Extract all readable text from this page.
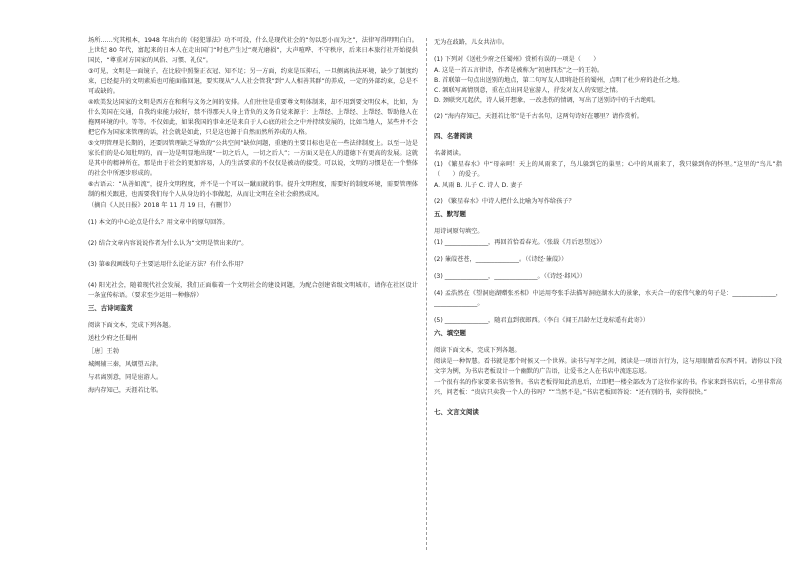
场所……究其根本，1948 年出台的《轻犯罪法》功不可没，什么是现代社会的“勿以恶小而为之”，法律写得明明白白。上世纪 80 年代，富起来的日本人在走出国门“时也产生过“观光磨损”，大声喧哗、不守秩序，后来日本旅行社开始提供国民，“尊重对方国家的风俗、习惯、礼仪”。

③可见，文明是一面镜子，在比较中照鉴正衣冠、知不足；另一方面，约束是压抑石，一旦侧离执法环境，缺少了制度约束，已经提升的文明素质也可能面临回退，要实现从“人人社会管我”到“人人相善其群”的养成，一定的外部约束，总是不可或缺的。

④欧美发达国家的文明是西方在和利与义务之间的安排。人们往往是重要尊文明体制来，却不用到要文明仪本，比如，为什么美国在交通，自我约束能力较好，禁不得那天人身上背负的义务自觉来源于：上帮经、上帮经、上帮经、帮助他人在拖网环境的中。等等。不仅如此，如果我国的事业还是来自于人心底的社会之中并持续发展的，比如当地人，某些并不会把它作为国家来管理的话，社会就是如此，只是这也源于自然而然所养成的人格。

⑤文明管理是长期的，还要因管理缺乏导致的“公共空间”缺位问题，重建的主要目标也是在一些法律制度上。以至一边是家长们的是心知肚明的，而一边是明显地出现“一切之后人，一切之后人”；一方面又是在人的道德下有更高的发展。这就是其中的精神所在，那是由于社会的更加容易，人的生活要求的不仅仅是被动的接受。可以说，文明的习惯是在一个整体的社会中所逐步形成的。

⑥古语云：“从善如流”，提升文明程度，并不是一个可以一蹴而就的事。提升文明程度，需要好的制度环境，需要管理体制的相关跟进，也需要我们每个人从身边的小事做起，从而让文明在全社会蔚然成风。

（摘自《人民日报》2018 年 11 月 19 日，有删节）

(1) 本文的中心论点是什么？用文章中的原句回答。

(2) 结合文章内容说说作者为什么认为“文明是管出来的”。

(3) 第⑥段画线句子主要运用什么论证方法？有什么作用？

(4) 阳光社会，随着现代社会发展，我们正面临着一个文明社会的建设问题，为配合创建省级文明城市，请你在社区设计一条宣传标语。（要求至少运用一种修辞）

三、古诗词鉴赏

阅读下面文本，完成下列各题。

送杜少府之任蜀州

［唐］王勃

城阙辅三秦，风烟望五津。

与君离别意，同是宦游人。

海内存知己，天涯若比邻。

无为在歧路，儿女共沾巾。

(1) 下列对《送杜少府之任蜀州》赏析有误的一项是（　　）

A. 这是一首五言律诗，作者是被称为“初唐四杰”之一的王勃。

B. 首联第一句点出送别的地点，第二句写友人即将赴任的蜀州，点明了杜少府的赴任之地。

C. 颔联写离情别意，重在点出同是宦游人，抒发对友人的安慰之情。

D. 颈联突兀起伏，诗人展开想象，一改悲伤的情调，写出了送别诗中的千古绝唱。

(2) “海内存知己，天涯若比邻”是千古名句，这两句诗好在哪里？请作赏析。

四、名著阅读

名著阅读。

(1) 《繁星春水》中“母亲呵！天上的风雨来了，鸟儿躲到它的巢里；心中的风雨来了，我只躲到你的怀里。”这里的“鸟儿”指（　　）的爱子。

A. 风雨 B. 儿子 C. 诗人 D. 妻子

(2) 《繁星春水》中诗人把什么比喻为写作给孩子？

五、默写题

用诗词原句填空。

(1) ______________，再回首恰看春光。（张载《月后思望远》）

(2) 蒹葭苍苍，______________。（《诗经·蒹葭》）

(3) ______________，______________。（《诗经·邶风》）

(4) 孟浩然在《望洞庭湖赠张丞相》中运用夸张手法描写洞庭湖水大的景象，水天合一的宏伟气象的句子是：______________，______________。

(5) ______________，随君直到夜郎西。（李白《闻王昌龄左迁龙标遥有此寄》）

六、填空题

阅读下面文本，完成下列各题。

阅读是一种智慧。看书就是那个时候又一个世界。读书与写字之间，阅读是一项语言行为，这与用眼睛看东西不同。请你以下段文字为例，为书店老板设计一个幽默的广告语，让爱书之人在书店中流连忘返。

一个很有名的作家要来书店签售。书店老板得知此消息后，立即把一楼全部改为了这位作家的书。作家来到书店后，心里非常高兴，问老板：“贵店只卖我一个人的书吗？”“当然不是。”书店老板回答说：“还有别的书，卖得很快。”

七、文言文阅读
